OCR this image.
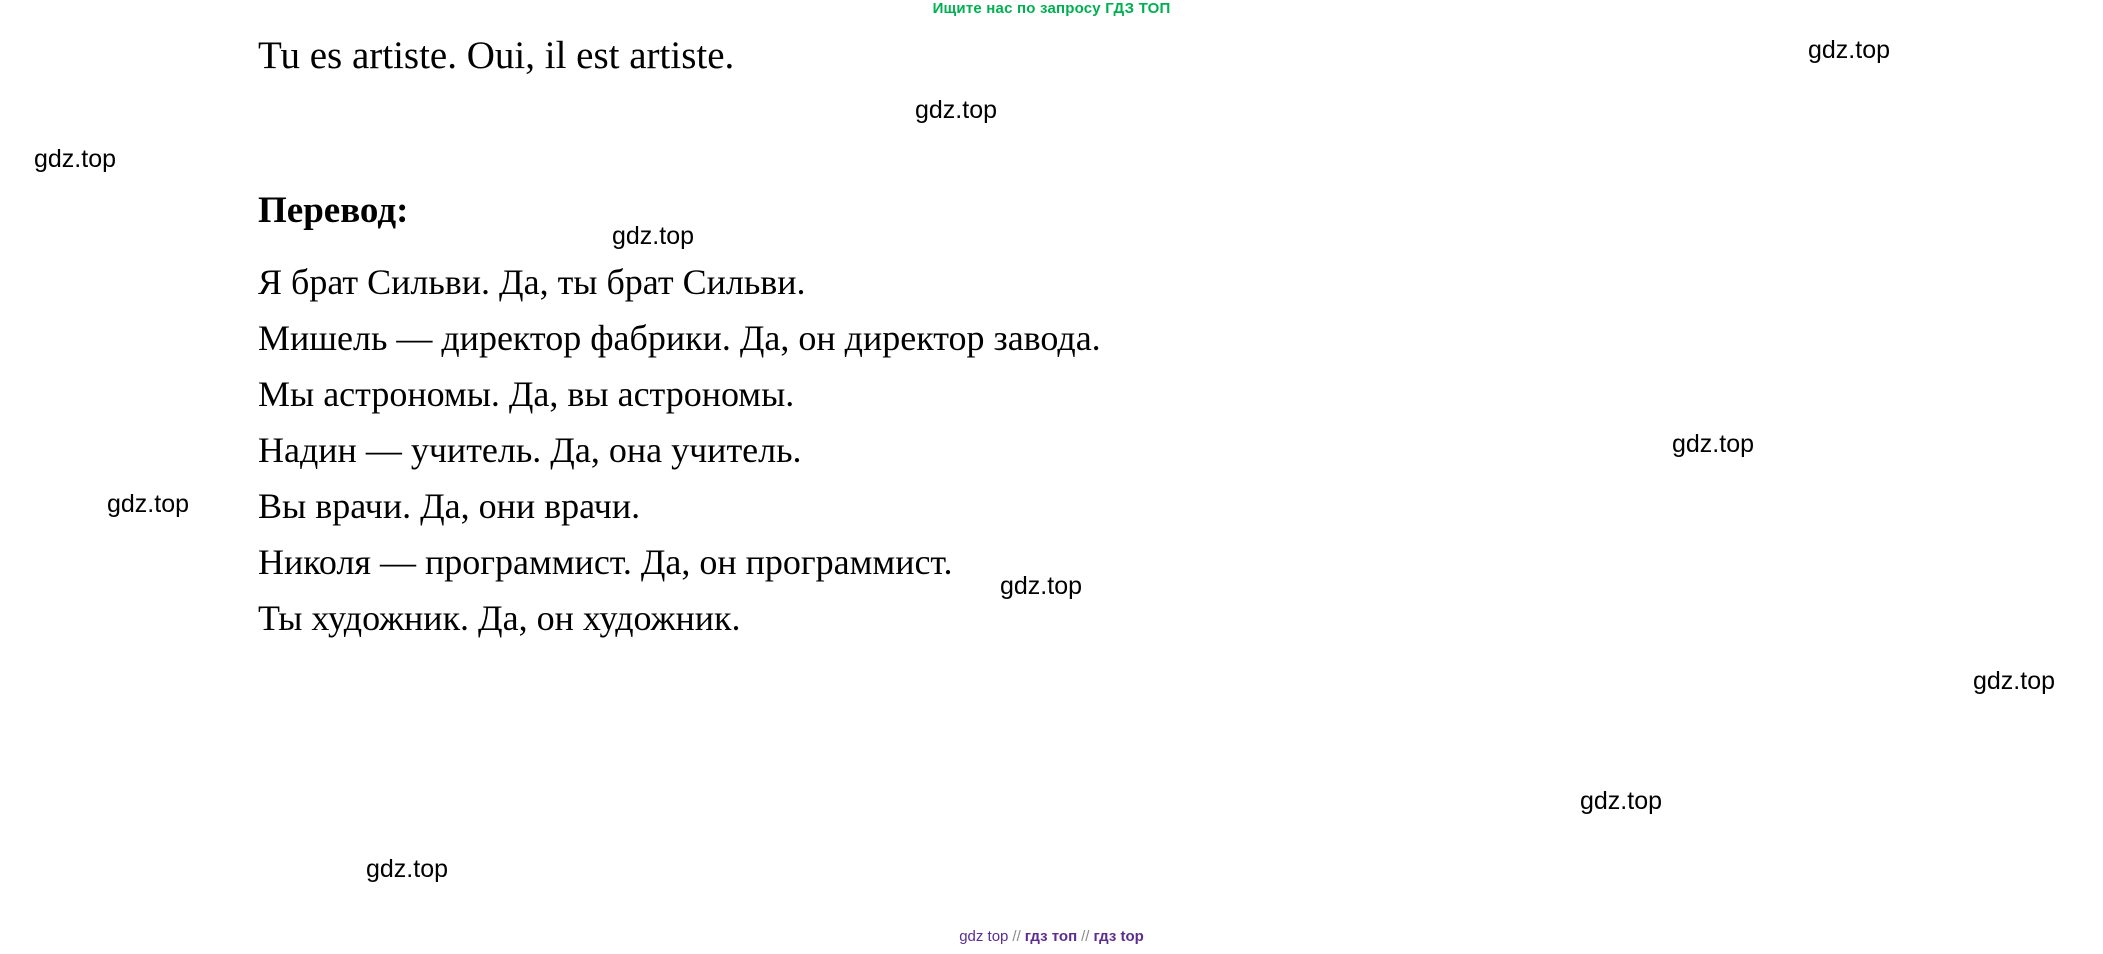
Ищите нас по запросу ГДЗ ТОП
Tu es artiste. Oui, il est artiste.
Перевод:
Я брат Сильви. Да, ты брат Сильви.
Мишель — директор фабрики. Да, он директор завода.
Мы астрономы. Да, вы астрономы.
Надин — учитель. Да, она учитель.
Вы врачи. Да, они врачи.
Николя — программист. Да, он программист.
Ты художник. Да, он художник.
gdz.top
gdz.top
gdz.top
gdz.top
gdz.top
gdz.top
gdz.top
gdz.top
gdz.top
gdz.top
gdz top // гдз топ // гдз top
